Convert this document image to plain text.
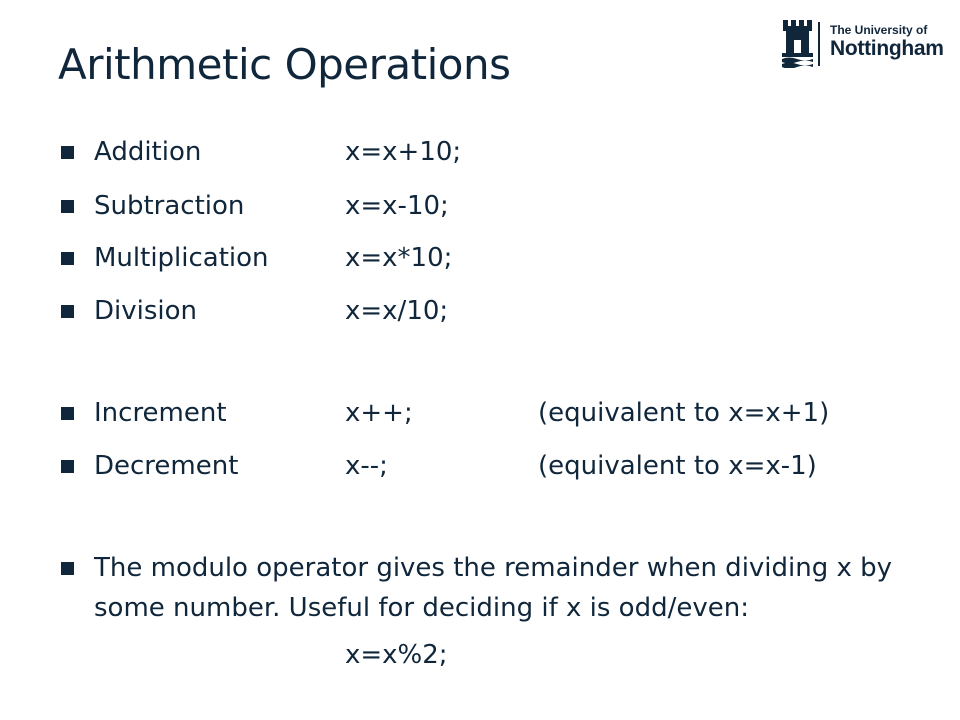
Arithmetic Operations
The University of
Nottingham
Addition	x=x+10;
Subtraction	x=x-10;
Multiplication	x=x*10;
Division	x=x/10;
Increment	x++;	(equivalent to x=x+1)
Decrement	x--;	(equivalent to x=x-1)

The modulo operator gives the remainder when dividing x by some number. Useful for deciding if x is odd/even:

x=x%2;
